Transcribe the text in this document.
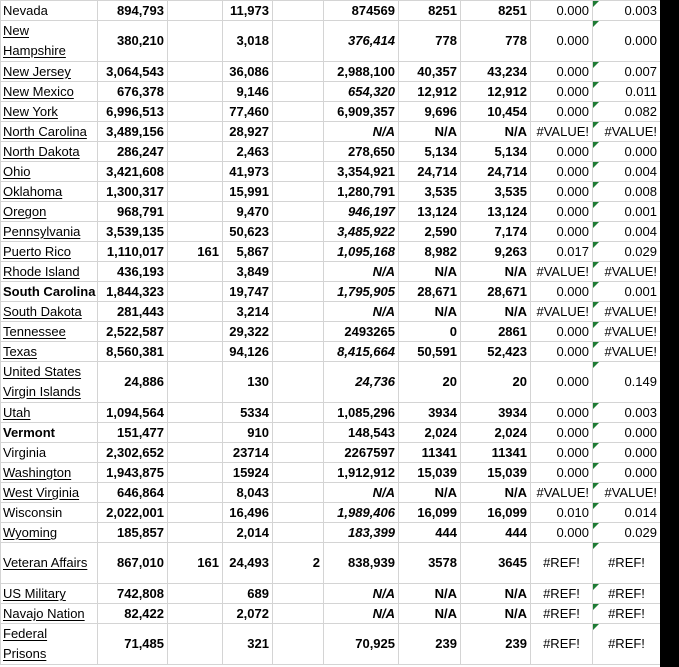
Nevada	894,793		11,973		874569	8251	8251	0.000	0.003
New Hampshire	380,210		3,018		376,414	778	778	0.000	0.000
New Jersey	3,064,543		36,086		2,988,100	40,357	43,234	0.000	0.007
New Mexico	676,378		9,146		654,320	12,912	12,912	0.000	0.011
New York	6,996,513		77,460		6,909,357	9,696	10,454	0.000	0.082
North Carolina	3,489,156		28,927		N/A	N/A	N/A	#VALUE!	#VALUE!
North Dakota	286,247		2,463		278,650	5,134	5,134	0.000	0.000
Ohio	3,421,608		41,973		3,354,921	24,714	24,714	0.000	0.004
Oklahoma	1,300,317		15,991		1,280,791	3,535	3,535	0.000	0.008
Oregon	968,791		9,470		946,197	13,124	13,124	0.000	0.001
Pennsylvania	3,539,135		50,623		3,485,922	2,590	7,174	0.000	0.004
Puerto Rico	1,110,017	161	5,867		1,095,168	8,982	9,263	0.017	0.029
Rhode Island	436,193		3,849		N/A	N/A	N/A	#VALUE!	#VALUE!
South Carolina	1,844,323		19,747		1,795,905	28,671	28,671	0.000	0.001
South Dakota	281,443		3,214		N/A	N/A	N/A	#VALUE!	#VALUE!
Tennessee	2,522,587		29,322		2493265	0	2861	0.000	#VALUE!
Texas	8,560,381		94,126		8,415,664	50,591	52,423	0.000	#VALUE!
United States Virgin Islands	24,886		130		24,736	20	20	0.000	0.149
Utah	1,094,564		5334		1,085,296	3934	3934	0.000	0.003
Vermont	151,477		910		148,543	2,024	2,024	0.000	0.000
Virginia	2,302,652		23714		2267597	11341	11341	0.000	0.000
Washington	1,943,875		15924		1,912,912	15,039	15,039	0.000	0.000
West Virginia	646,864		8,043		N/A	N/A	N/A	#VALUE!	#VALUE!
Wisconsin	2,022,001		16,496		1,989,406	16,099	16,099	0.010	0.014
Wyoming	185,857		2,014		183,399	444	444	0.000	0.029
Veteran Affairs	867,010	161	24,493	2	838,939	3578	3645	#REF!	#REF!
US Military	742,808		689		N/A	N/A	N/A	#REF!	#REF!
Navajo Nation	82,422		2,072		N/A	N/A	N/A	#REF!	#REF!
Federal Prisons	71,485		321		70,925	239	239	#REF!	#REF!
